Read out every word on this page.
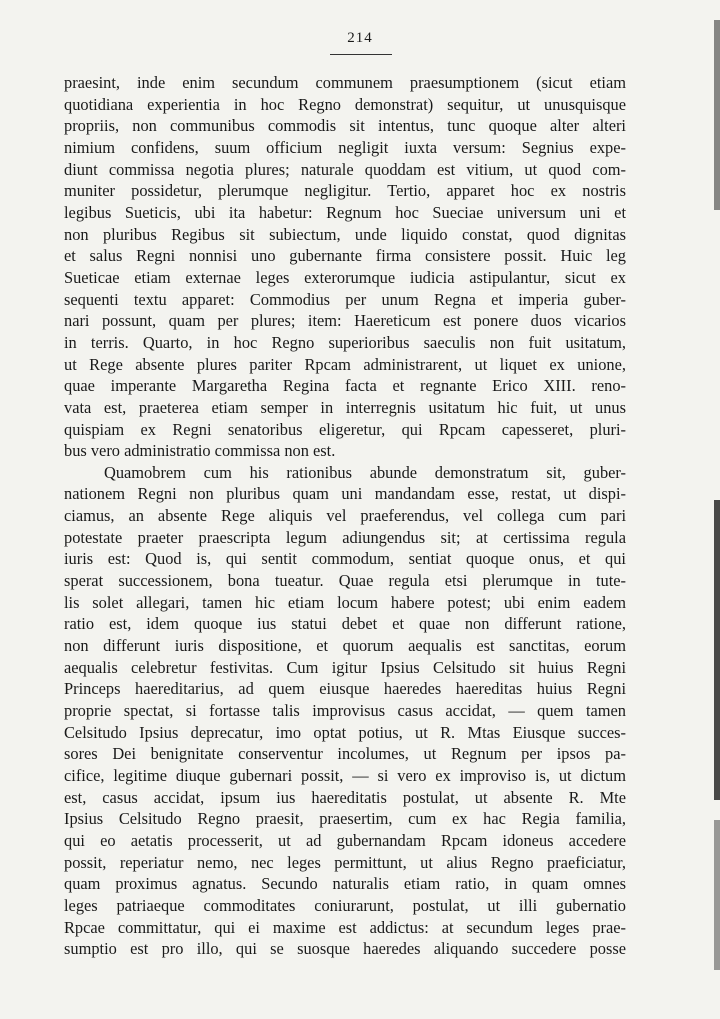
214
praesint, inde enim secundum communem praesumptionem (sicut etiam
quotidiana experientia in hoc Regno demonstrat) sequitur, ut unusquisque
propriis, non communibus commodis sit intentus, tunc quoque alter alteri
nimium confidens, suum officium negligit iuxta versum: Segnius expe-
diunt commissa negotia plures; naturale quoddam est vitium, ut quod com-
muniter possidetur, plerumque negligitur. Tertio, apparet hoc ex nostris
legibus Sueticis, ubi ita habetur: Regnum hoc Sueciae universum uni et
non pluribus Regibus sit subiectum, unde liquido constat, quod dignitas
et salus Regni nonnisi uno gubernante firma consistere possit. Huic leg
Sueticae etiam externae leges exterorumque iudicia astipulantur, sicut ex
sequenti textu apparet: Commodius per unum Regna et imperia guber-
nari possunt, quam per plures; item: Haereticum est ponere duos vicarios
in terris. Quarto, in hoc Regno superioribus saeculis non fuit usitatum,
ut Rege absente plures pariter Rpcam administrarent, ut liquet ex unione,
quae imperante Margaretha Regina facta et regnante Erico XIII. reno-
vata est, praeterea etiam semper in interregnis usitatum hic fuit, ut unus
quispiam ex Regni senatoribus eligeretur, qui Rpcam capesseret, pluri-
bus vero administratio commissa non est.
Quamobrem cum his rationibus abunde demonstratum sit, guber-
nationem Regni non pluribus quam uni mandandam esse, restat, ut dispi-
ciamus, an absente Rege aliquis vel praeferendus, vel collega cum pari
potestate praeter praescripta legum adiungendus sit; at certissima regula
iuris est: Quod is, qui sentit commodum, sentiat quoque onus, et qui
sperat successionem, bona tueatur. Quae regula etsi plerumque in tute-
lis solet allegari, tamen hic etiam locum habere potest; ubi enim eadem
ratio est, idem quoque ius statui debet et quae non differunt ratione,
non differunt iuris dispositione, et quorum aequalis est sanctitas, eorum
aequalis celebretur festivitas. Cum igitur Ipsius Celsitudo sit huius Regni
Princeps haereditarius, ad quem eiusque haeredes haereditas huius Regni
proprie spectat, si fortasse talis improvisus casus accidat, — quem tamen
Celsitudo Ipsius deprecatur, imo optat potius, ut R. Mtas Eiusque succes-
sores Dei benignitate conserventur incolumes, ut Regnum per ipsos pa-
cifice, legitime diuque gubernari possit, — si vero ex improviso is, ut dictum
est, casus accidat, ipsum ius haereditatis postulat, ut absente R. Mte
Ipsius Celsitudo Regno praesit, praesertim, cum ex hac Regia familia,
qui eo aetatis processerit, ut ad gubernandam Rpcam idoneus accedere
possit, reperiatur nemo, nec leges permittunt, ut alius Regno praeficiatur,
quam proximus agnatus. Secundo naturalis etiam ratio, in quam omnes
leges patriaeque commoditates coniurarunt, postulat, ut illi gubernatio
Rpcae committatur, qui ei maxime est addictus: at secundum leges prae-
sumptio est pro illo, qui se suosque haeredes aliquando succedere posse
